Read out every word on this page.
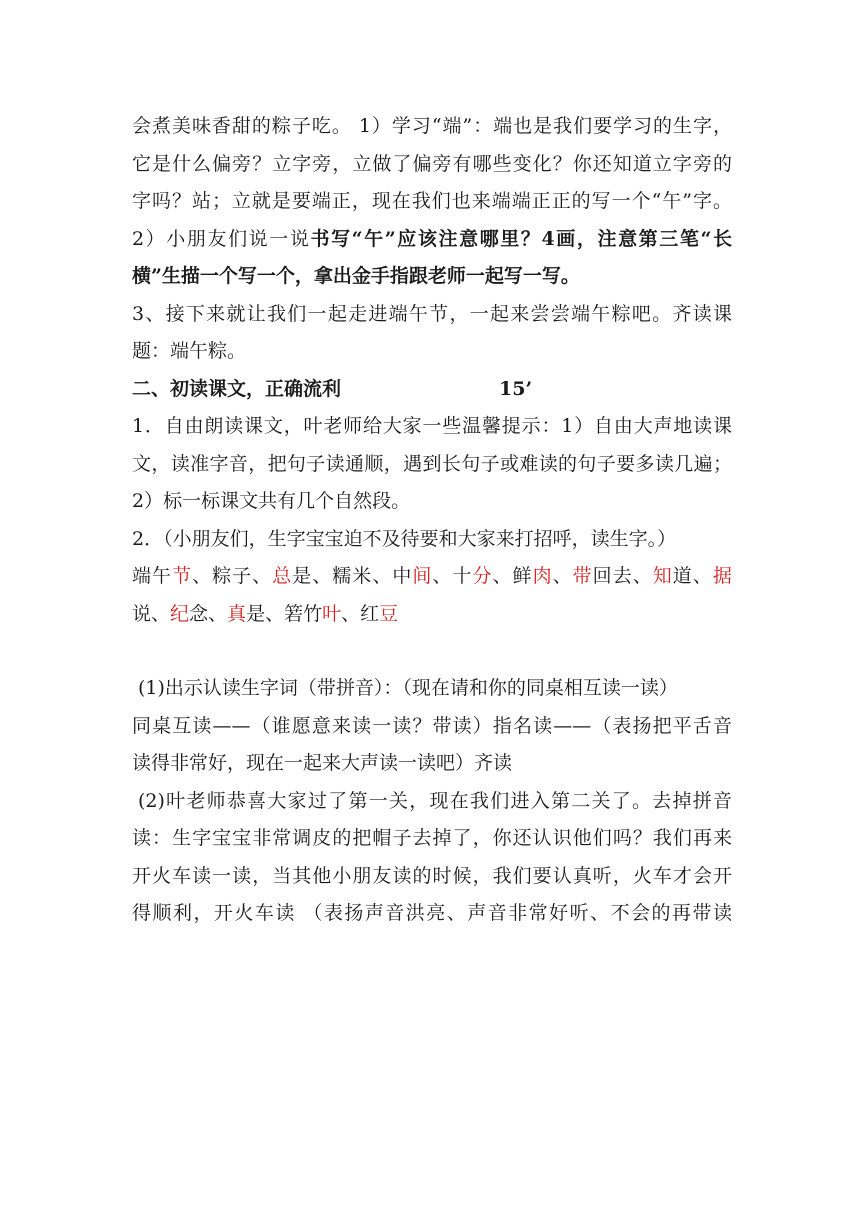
会煮美味香甜的粽子吃。 1）学习“端”：端也是我们要学习的生字，
它是什么偏旁？立字旁，立做了偏旁有哪些变化？你还知道立字旁的
字吗？站；立就是要端正，现在我们也来端端正正的写一个“午”字。
2）小朋友们说一说书写“午”应该注意哪里？4画，注意第三笔“长
横”生描一个写一个，拿出金手指跟老师一起写一写。
3、接下来就让我们一起走进端午节，一起来尝尝端午粽吧。齐读课
题：端午粽。
二、初读课文，正确流利	15’
1．自由朗读课文，叶老师给大家一些温馨提示：1）自由大声地读课
文，读准字音，把句子读通顺，遇到长句子或难读的句子要多读几遍；
2）标一标课文共有几个自然段。
2．（小朋友们，生字宝宝迫不及待要和大家来打招呼，读生字。）
端午节、粽子、总是、糯米、中间、十分、鲜肉、带回去、知道、据
说、纪念、真是、箬竹叶、红豆
(1)出示认读生字词（带拼音）：（现在请和你的同桌相互读一读）
同桌互读——（谁愿意来读一读？带读）指名读——（表扬把平舌音
读得非常好，现在一起来大声读一读吧）齐读
(2)叶老师恭喜大家过了第一关，现在我们进入第二关了。去掉拼音
读：生字宝宝非常调皮的把帽子去掉了，你还认识他们吗？我们再来
开火车读一读，当其他小朋友读的时候，我们要认真听，火车才会开
得顺利，开火车读 （表扬声音洪亮、声音非常好听、不会的再带读
